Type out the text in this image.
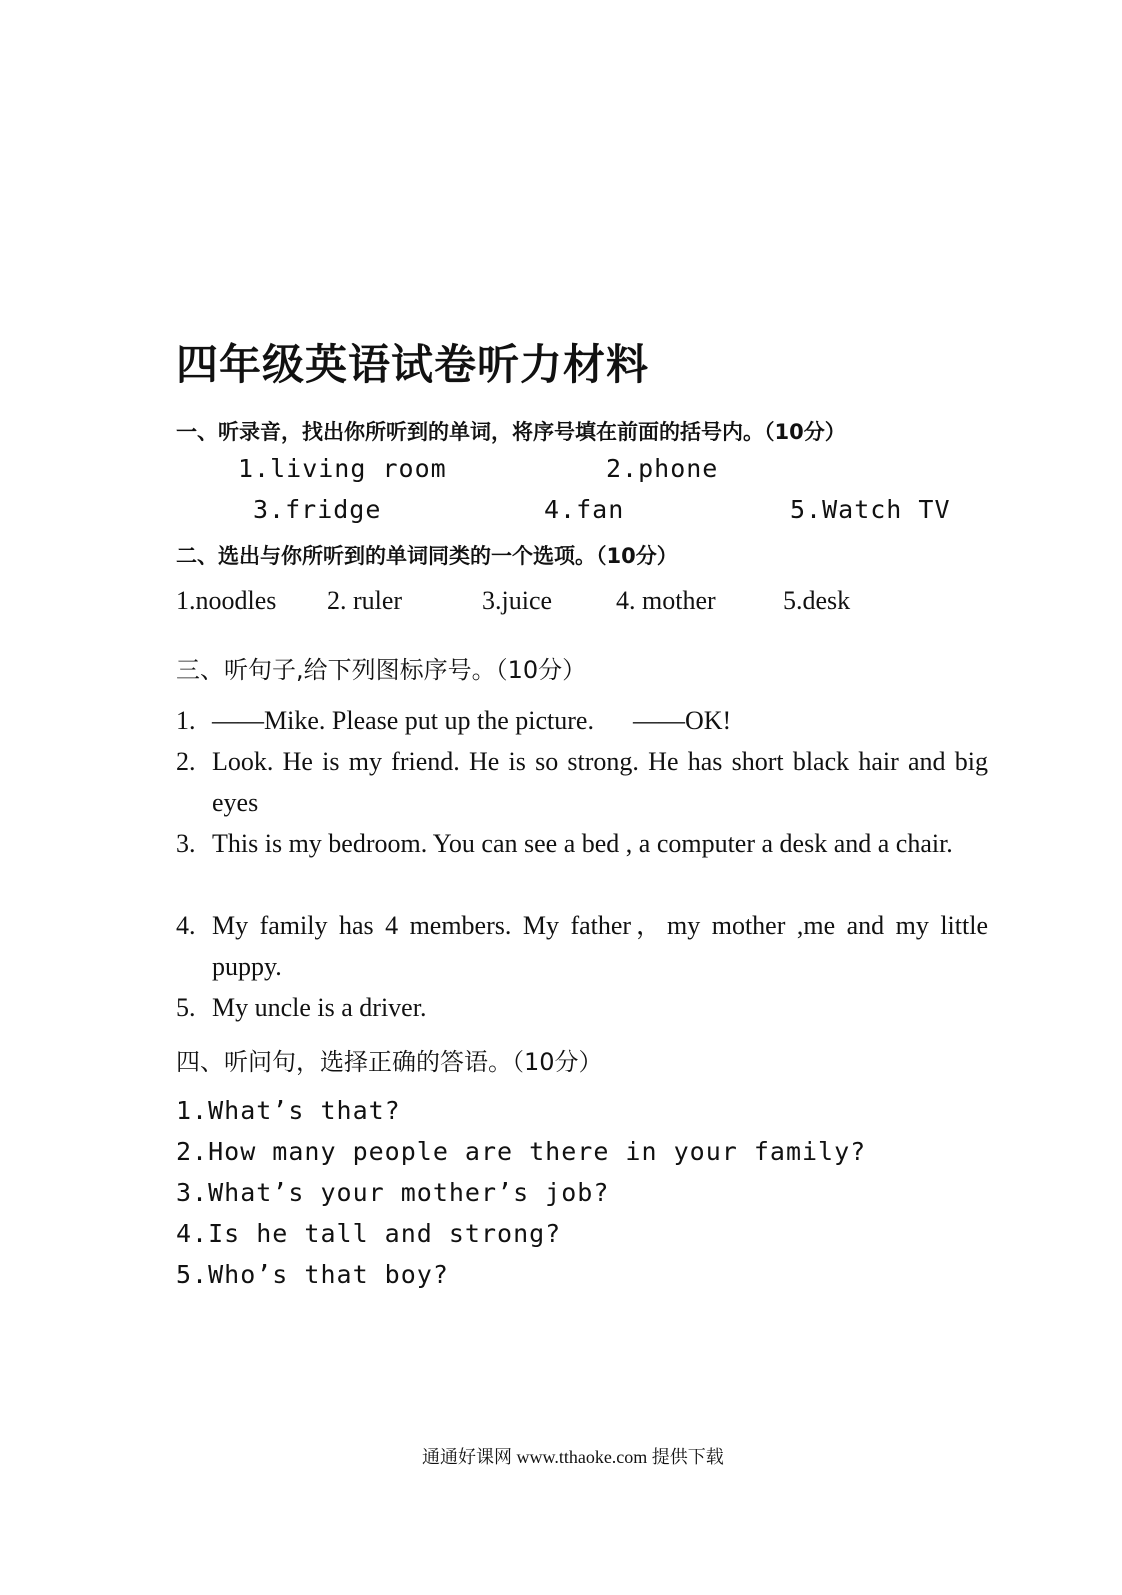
四年级英语试卷听力材料
一、听录音，找出你所听到的单词，将序号填在前面的括号内。（10分）
1.living room	2.phone
3.fridge	4.fan	5.Watch TV
二、选出与你所听到的单词同类的一个选项。（10分）
1.noodles 2. ruler	3.juice 4. mother	5.desk
三、听句子,给下列图标序号。（10分）
1. ——Mike. Please put up the picture.      ——OK!
2. Look. He is my friend. He is so strong. He has short black hair and big eyes
3. This is my bedroom. You can see a bed , a computer a desk and a chair.
4. My family has 4 members. My father，my mother ,me and my little puppy.
5. My uncle is a driver.
四、听问句，选择正确的答语。（10分）
1.What’s that?
2.How many people are there in your family?
3.What’s your mother’s job?
4.Is he tall and strong?
5.Who’s that boy?
通通好课网 www.tthaoke.com 提供下载
